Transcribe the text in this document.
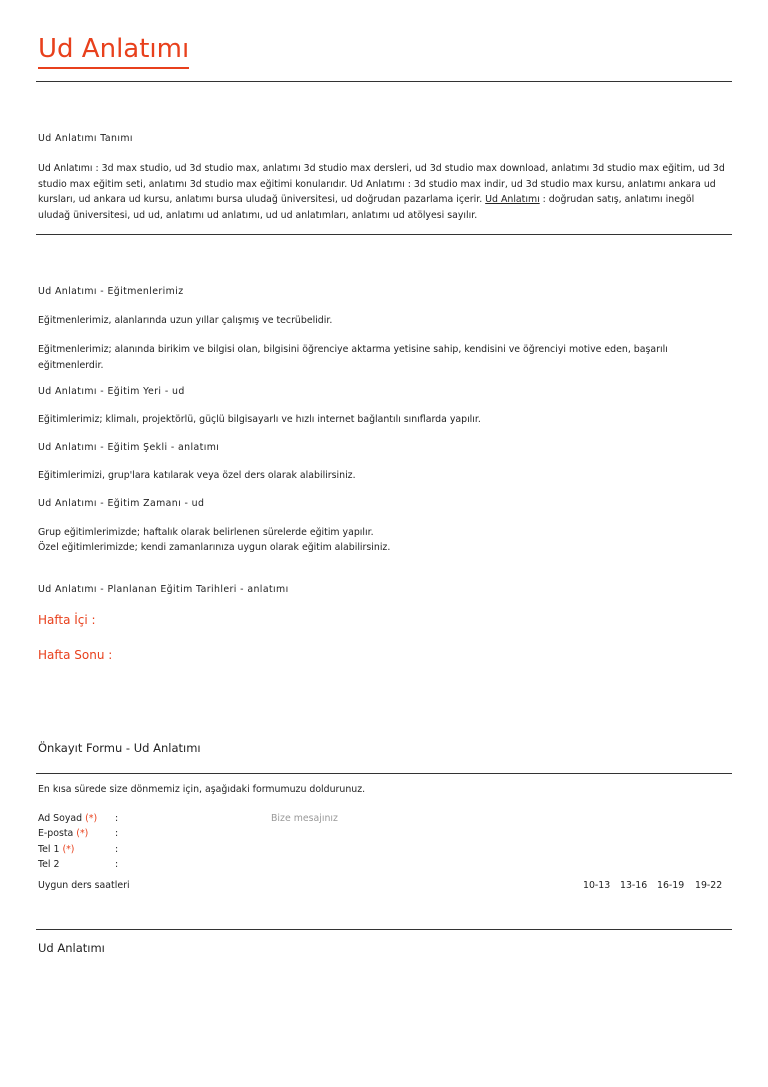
Ud Anlatımı

Ud Anlatımı Tanımı

Ud Anlatımı : 3d max studio, ud 3d studio max, anlatımı 3d studio max dersleri, ud 3d studio max download, anlatımı 3d studio max eğitim, ud 3d studio max eğitim seti, anlatımı 3d studio max eğitimi konularıdır. Ud Anlatımı : 3d studio max indir, ud 3d studio max kursu, anlatımı ankara ud kursları, ud ankara ud kursu, anlatımı bursa uludağ üniversitesi, ud doğrudan pazarlama içerir. Ud Anlatımı : doğrudan satış, anlatımı inegöl uludağ üniversitesi, ud ud, anlatımı ud anlatımı, ud ud anlatımları, anlatımı ud atölyesi sayılır.

Ud Anlatımı - Eğitmenlerimiz

Eğitmenlerimiz, alanlarında uzun yıllar çalışmış ve tecrübelidir.

Eğitmenlerimiz; alanında birikim ve bilgisi olan, bilgisini öğrenciye aktarma yetisine sahip, kendisini ve öğrenciyi motive eden, başarılı eğitmenlerdir.

Ud Anlatımı - Eğitim Yeri - ud

Eğitimlerimiz; klimalı, projektörlü, güçlü bilgisayarlı ve hızlı internet bağlantılı sınıflarda yapılır.

Ud Anlatımı - Eğitim Şekli - anlatımı

Eğitimlerimizi, grup'lara katılarak veya özel ders olarak alabilirsiniz.

Ud Anlatımı - Eğitim Zamanı - ud

Grup eğitimlerimizde; haftalık olarak belirlenen sürelerde eğitim yapılır.

Özel eğitimlerimizde; kendi zamanlarınıza uygun olarak eğitim alabilirsiniz.

Ud Anlatımı - Planlanan Eğitim Tarihleri - anlatımı

Hafta İçi :

Hafta Sonu :

Önkayıt Formu - Ud Anlatımı

En kısa sürede size dönmemiz için, aşağıdaki formumuzu doldurunuz.

Ad Soyad (*) :	Bize mesajınız
E-posta (*)	:
Tel 1 (*)	:
Tel 2	:
Uygun ders saatleri	10-13 13-16 16-19 19-22

Ud Anlatımı
